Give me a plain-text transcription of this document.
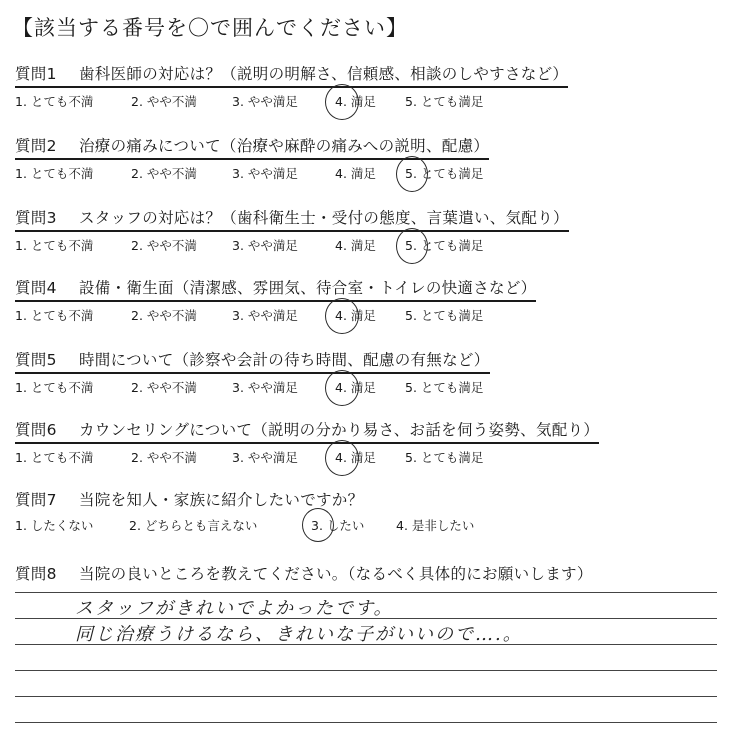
【該当する番号を〇で囲んでください】
質問1 歯科医師の対応は？（説明の明解さ、信頼感、相談のしやすさなど）
1. とても不満	2. やや不満	3. やや満足	4. 満足 5. とても満足
質問2 治療の痛みについて（治療や麻酔の痛みへの説明、配慮）
1. とても不満	2. やや不満	3. やや満足	4. 満足 5. とても満足
質問3 スタッフの対応は？（歯科衛生士・受付の態度、言葉遣い、気配り）
1. とても不満	2. やや不満	3. やや満足	4. 満足 5. とても満足
質問4 設備・衛生面（清潔感、雰囲気、待合室・トイレの快適さなど）
1. とても不満	2. やや不満	3. やや満足	4. 満足 5. とても満足
質問5 時間について（診察や会計の待ち時間、配慮の有無など）
1. とても不満	2. やや不満	3. やや満足	4. 満足 5. とても満足
質問6 カウンセリングについて（説明の分かり易さ、お話を伺う姿勢、気配り）
1. とても不満	2. やや不満	3. やや満足	4. 満足 5. とても満足
質問7 当院を知人・家族に紹介したいですか？
1. したくない	2. どちらとも言えない	3. したい	4. 是非したい
質問8 当院の良いところを教えてください。（なるべく具体的にお願いします）
スタッフがきれいでよかったです。
同じ治療うけるなら、きれいな子がいいので….。
